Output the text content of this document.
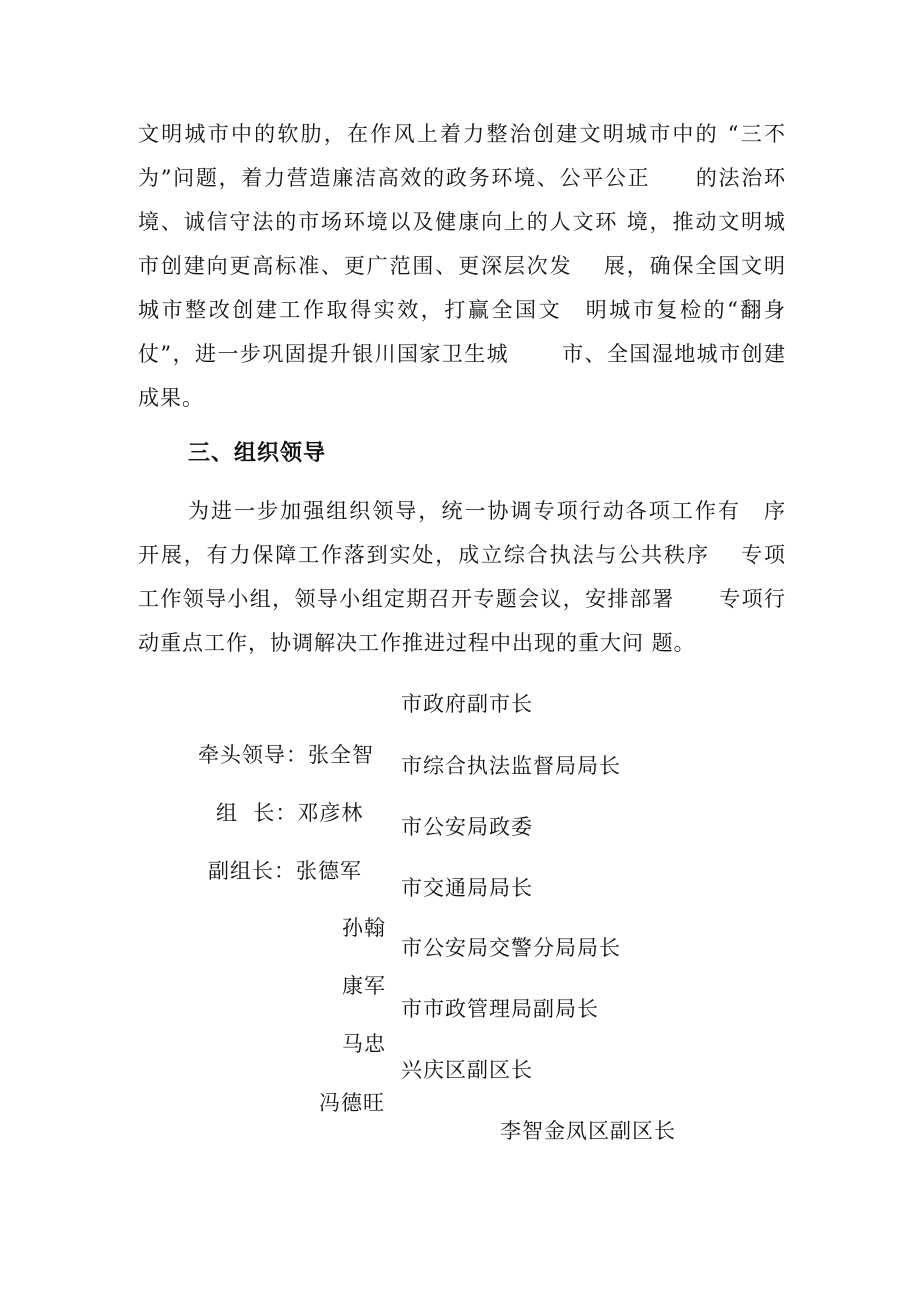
文明城市中的软肋，在作风上着力整治创建文明城市中的 “三不
为”问题，着力营造廉洁高效的政务环境、公平公正　　的法治环
境、诚信守法的市场环境以及健康向上的人文环 境，推动文明城
市创建向更高标准、更广范围、更深层次发　 展，确保全国文明
城市整改创建工作取得实效，打赢全国文　明城市复检的“翻身
仗”，进一步巩固提升银川国家卫生城　　 市、全国湿地城市创建
成果。
三、组织领导
为进一步加强组织领导，统一协调专项行动各项工作有　序
开展，有力保障工作落到实处，成立综合执法与公共秩序　 专项
工作领导小组，领导小组定期召开专题会议，安排部署　　专项行
动重点工作，协调解决工作推进过程中出现的重大问 题。
市政府副市长
牵头领导：张全智 市综合执法监督局局长
组  长：邓彦林
市公安局政委
副组长：张德军
市交通局局长
孙翰
市公安局交警分局局长
康军
市市政管理局副局长
马忠
兴庆区副区长
冯德旺
李智金凤区副区长
